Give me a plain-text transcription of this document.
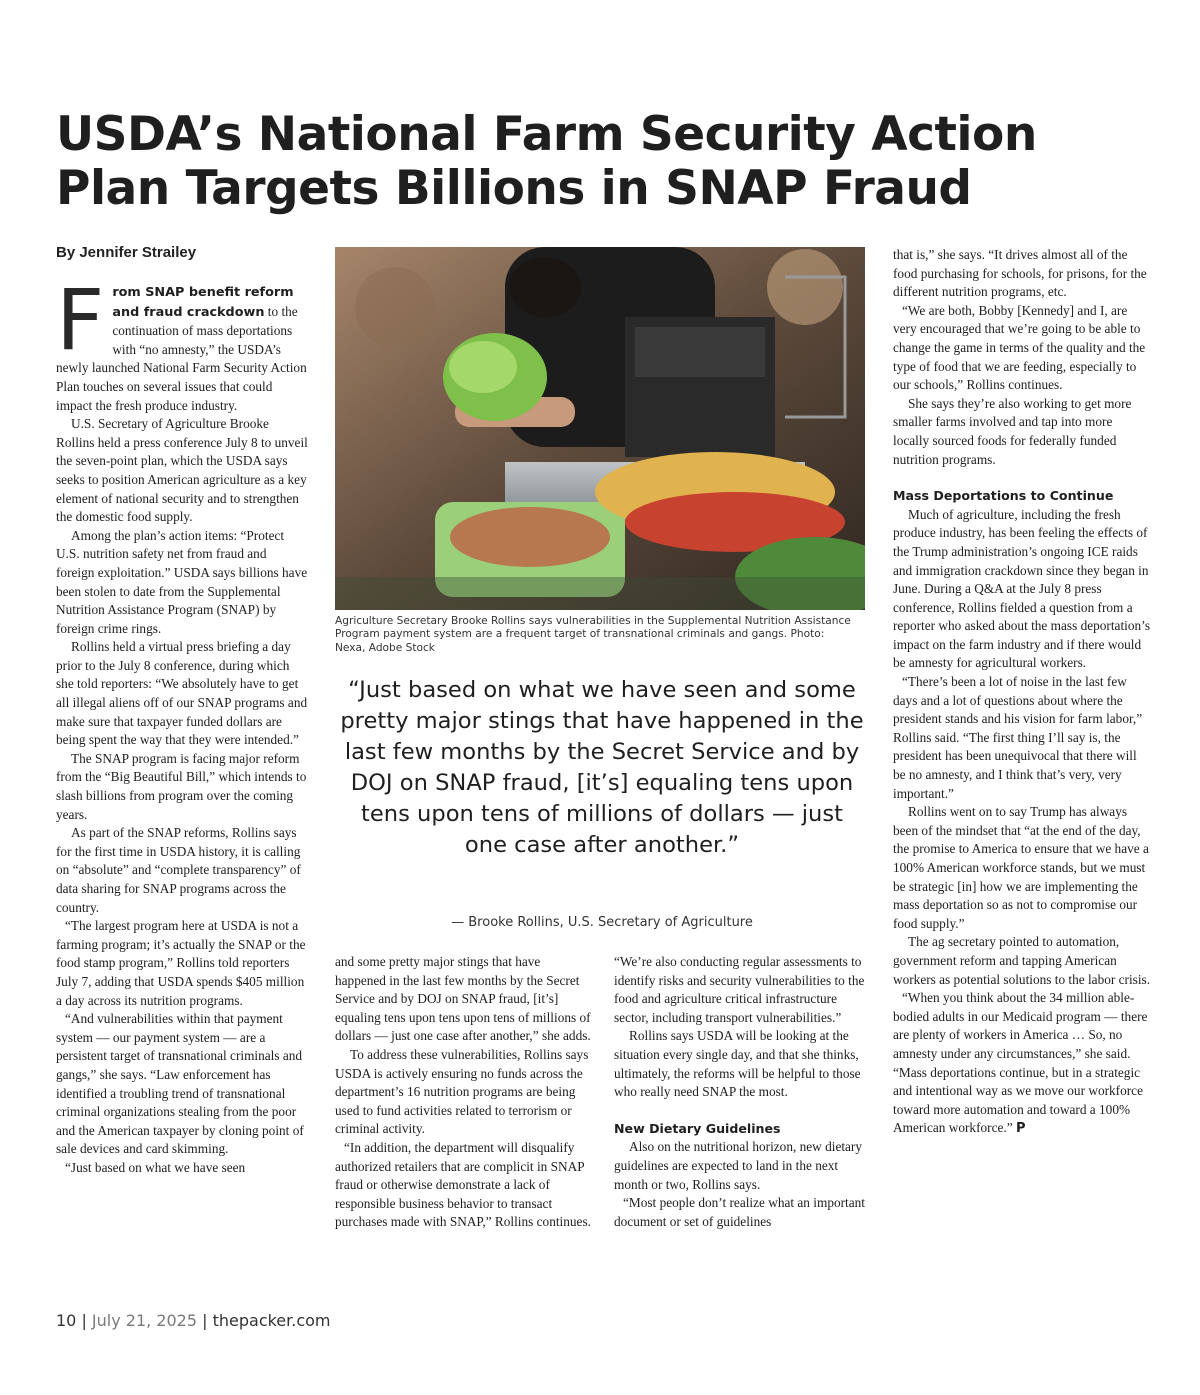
USDA’s National Farm Security Action
Plan Targets Billions in SNAP Fraud
By Jennifer Strailey

From SNAP benefit reform and fraud crackdown to the continuation of mass deportations with “no amnesty,” the USDA’s newly launched National Farm Security Action Plan touches on several issues that could impact the fresh produce industry.

U.S. Secretary of Agriculture Brooke Rollins held a press conference July 8 to unveil the seven-point plan, which the USDA says seeks to position American agriculture as a key element of national security and to strengthen the domestic food supply.

Among the plan’s action items: “Protect U.S. nutrition safety net from fraud and foreign exploitation.” USDA says billions have been stolen to date from the Supplemental Nutrition Assistance Program (SNAP) by foreign crime rings.

Rollins held a virtual press briefing a day prior to the July 8 conference, during which she told reporters: “We absolutely have to get all illegal aliens off of our SNAP programs and make sure that taxpayer funded dollars are being spent the way that they were intended.”

The SNAP program is facing major reform from the “Big Beautiful Bill,” which intends to slash billions from program over the coming years.

As part of the SNAP reforms, Rollins says for the first time in USDA history, it is calling on “absolute” and “complete transparency” of data sharing for SNAP programs across the country.

“The largest program here at USDA is not a farming program; it’s actually the SNAP or the food stamp program,” Rollins told reporters July 7, adding that USDA spends $405 million a day across its nutrition programs.

“And vulnerabilities within that payment system — our payment system — are a persistent target of transnational criminals and gangs,” she says. “Law enforcement has identified a troubling trend of transnational criminal organizations stealing from the poor and the American taxpayer by cloning point of sale devices and card skimming.

“Just based on what we have seen

Agriculture Secretary Brooke Rollins says vulnerabilities in the Supplemental Nutrition Assistance Program payment system are a frequent target of transnational criminals and gangs. Photo: Nexa, Adobe Stock

“Just based on what we have seen and some pretty major stings that have happened in the last few months by the Secret Service and by DOJ on SNAP fraud, [it’s] equaling tens upon tens upon tens of millions of dollars — just one case after another.”

— Brooke Rollins, U.S. Secretary of Agriculture

and some pretty major stings that have happened in the last few months by the Secret Service and by DOJ on SNAP fraud, [it’s] equaling tens upon tens upon tens of millions of dollars — just one case after another,” she adds.

To address these vulnerabilities, Rollins says USDA is actively ensuring no funds across the department’s 16 nutrition programs are being used to fund activities related to terrorism or criminal activity.

“In addition, the department will disqualify authorized retailers that are complicit in SNAP fraud or otherwise demonstrate a lack of responsible business behavior to transact purchases made with SNAP,” Rollins continues.

“We’re also conducting regular assessments to identify risks and security vulnerabilities to the food and agriculture critical infrastructure sector, including transport vulnerabilities.”

Rollins says USDA will be looking at the situation every single day, and that she thinks, ultimately, the reforms will be helpful to those who really need SNAP the most.

New Dietary Guidelines

Also on the nutritional horizon, new dietary guidelines are expected to land in the next month or two, Rollins says.

“Most people don’t realize what an important document or set of guidelines

that is,” she says. “It drives almost all of the food purchasing for schools, for prisons, for the different nutrition programs, etc.

“We are both, Bobby [Kennedy] and I, are very encouraged that we’re going to be able to change the game in terms of the quality and the type of food that we are feeding, especially to our schools,” Rollins continues.

She says they’re also working to get more smaller farms involved and tap into more locally sourced foods for federally funded nutrition programs.

Mass Deportations to Continue

Much of agriculture, including the fresh produce industry, has been feeling the effects of the Trump administration’s ongoing ICE raids and immigration crackdown since they began in June. During a Q&A at the July 8 press conference, Rollins fielded a question from a reporter who asked about the mass deportation’s impact on the farm industry and if there would be amnesty for agricultural workers.

“There’s been a lot of noise in the last few days and a lot of questions about where the president stands and his vision for farm labor,” Rollins said. “The first thing I’ll say is, the president has been unequivocal that there will be no amnesty, and I think that’s very, very important.”

Rollins went on to say Trump has always been of the mindset that “at the end of the day, the promise to America to ensure that we have a 100% American workforce stands, but we must be strategic [in] how we are implementing the mass deportation so as not to compromise our food supply.”

The ag secretary pointed to automation, government reform and tapping American workers as potential solutions to the labor crisis.

“When you think about the 34 million able-bodied adults in our Medicaid program — there are plenty of workers in America … So, no amnesty under any circumstances,” she said. “Mass deportations continue, but in a strategic and intentional way as we move our workforce toward more automation and toward a 100% American workforce.” P

10 | July 21, 2025 | thepacker.com
